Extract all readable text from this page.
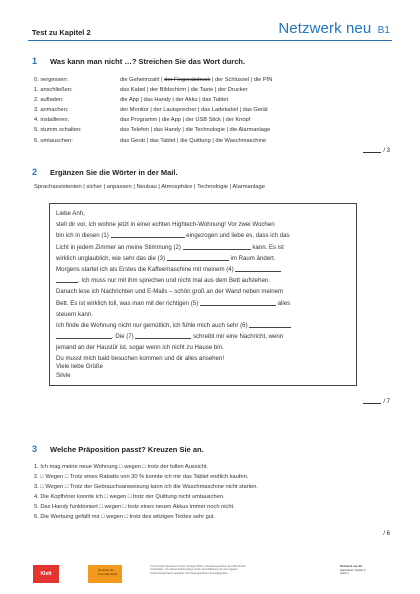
Test zu Kapitel 2	Netzwerk neu B1
1 Was kann man nicht …? Streichen Sie das Wort durch.
0. vergessen:	die Geheimzahl | der Fingerabdruck | der Schlüssel | die PIN
1. anschließen:	das Kabel | der Bildschirm | die Taste | der Drucker
2. aufladen:	die App | das Handy | der Akku | das Tablet
3. anmachen:	der Monitor | der Lautsprecher | das Ladekabel | das Gerät
4. installieren:	das Programm | die App | der USB Stick | der Knopf
5. stumm schalten:	das Telefon | das Handy | die Technologie | die Alarmanlage
6. umtauschen:	das Gerät | das Tablet | die Quittung | die Waschmaschine
/ 3
2 Ergänzen Sie die Wörter in der Mail.
Sprachassistenten | sicher | anpassen | Neubau | Atmosphäre | Technologie | Alarmanlage

Liebe Anh,

stell dir vor, ich wohne jetzt in einer echten Hightech-Wohnung! Vor zwei Wochen

bin ich in diesen (1)	eingezogen und liebe es, dass ich das

Licht in jedem Zimmer an meine Stimmung (2)	kann. Es ist

wirklich unglaublich, wie sehr das die (3)	im Raum ändert.

Morgens startet ich als Erstes die Kaffeemaschine mit meinem (4)

. Ich muss nur mit ihm sprechen und nicht mal aus dem Bett aufstehen.

Danach lese ich Nachrichten und E-Mails – schön groß an der Wand neben meinem

Bett. Es ist wirklich toll, was man mit der richtigen (5)	alles

steuern kann.

Ich finde die Wohnung nicht nur gemütlich, ich fühle mich auch sehr (6)

. Die (7)	schreibt mir eine Nachricht, wenn

jemand an der Haustür ist, sogar wenn ich nicht zu Hause bin.

Du musst mich bald besuchen kommen und dir alles ansehen!

Viele liebe Grüße

Silvie

/ 7
3 Welche Präposition passt? Kreuzen Sie an.
1. Ich mag meine neue Wohnung □ wegen □ trotz der tollen Aussicht.
2. □ Wegen □ Trotz eines Rabatts von 30 % konnte ich mir das Tablet endlich kaufen.
3. □ Wegen □ Trotz der Gebrauchsanweisung kann ich die Waschmaschine nicht starten.
4. Die Kopfhörer konnte ich □ wegen □ trotz der Quittung nicht umtauschen.
5. Das Handy funktioniert □ wegen □ trotz eines neuen Akkus immer noch nicht.
6. Die Werbung gefällt mir □ wegen □ trotz des witzigen Textes sehr gut.
/ 6
Klett
Deutsch als Fremdsprache
© Ernst Klett Sprachen GmbH, Stuttgart 2020 | www.klett-sprachen.de | Alle Rechte vorbehalten. Von dieser Druckvorlage ist die Vervielfältigung für den eigenen Unterrichtsgebrauch gestattet. Die Kopiergebühren sind abgegolten.
Netzwerk neu B1
Kapiteltest, Kapitel 2
Seite 1
